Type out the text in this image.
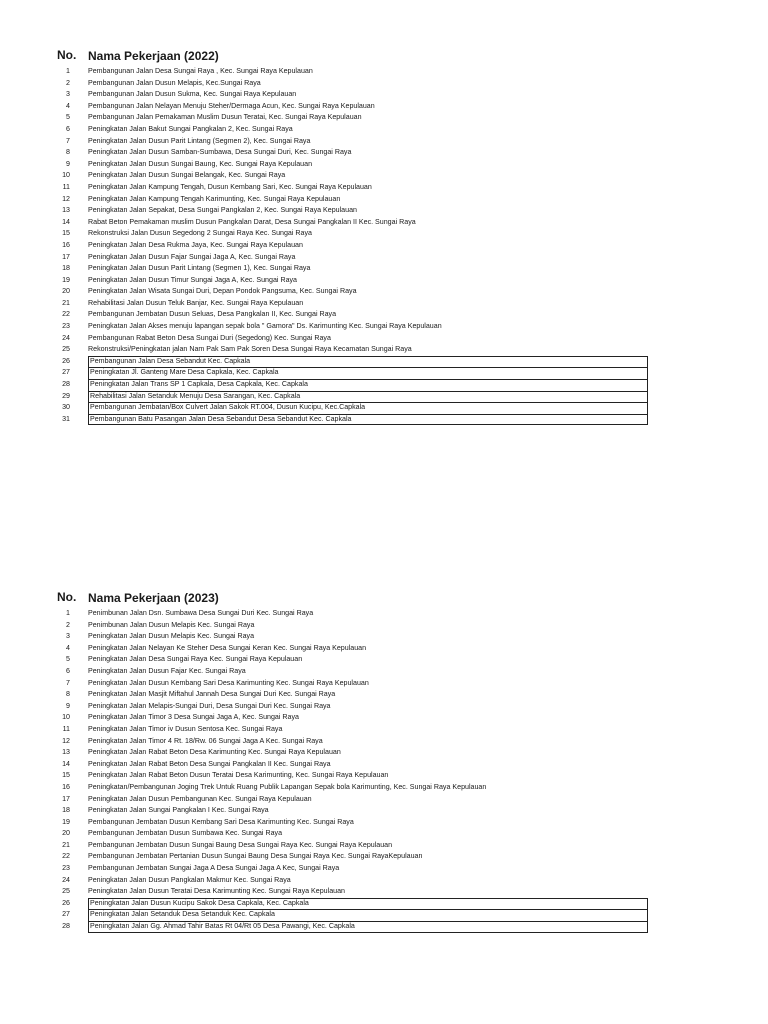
No. Nama Pekerjaan (2022)
1	Pembangunan Jalan Desa Sungai Raya , Kec. Sungai Raya Kepulauan
2	Pembangunan Jalan Dusun Melapis, Kec.Sungai Raya
3	Pembangunan Jalan Dusun Sukma, Kec. Sungai Raya Kepulauan
4	Pembangunan Jalan Nelayan Menuju Steher/Dermaga Acun, Kec. Sungai Raya Kepulauan
5	Pembangunan Jalan Pemakaman Muslim Dusun Teratai, Kec. Sungai Raya Kepulauan
6	Peningkatan Jalan Bakut Sungai Pangkalan 2, Kec. Sungai Raya
7	Peningkatan Jalan Dusun Parit Lintang (Segmen 2), Kec. Sungai Raya
8	Peningkatan Jalan Dusun Samban-Sumbawa, Desa Sungai Duri, Kec. Sungai Raya
9	Peningkatan Jalan Dusun Sungai Baung, Kec. Sungai Raya Kepulauan
10	Peningkatan Jalan Dusun Sungai Belangak, Kec. Sungai Raya
11	Peningkatan Jalan Kampung Tengah, Dusun Kembang Sari, Kec. Sungai Raya Kepulauan
12	Peningkatan Jalan Kampung Tengah Karimunting, Kec. Sungai Raya Kepulauan
13	Peningkatan Jalan Sepakat, Desa Sungai Pangkalan 2, Kec. Sungai Raya Kepulauan
14	Rabat Beton Pemakaman muslim Dusun Pangkalan Darat, Desa Sungai Pangkalan II Kec. Sungai Raya
15	Rekonstruksi Jalan Dusun Segedong 2 Sungai Raya Kec. Sungai Raya
16	Peningkatan Jalan Desa Rukma Jaya, Kec. Sungai Raya Kepulauan
17	Peningkatan Jalan Dusun Fajar Sungai Jaga A, Kec. Sungai Raya
18	Peningkatan Jalan Dusun Parit Lintang (Segmen 1), Kec. Sungai Raya
19	Peningkatan Jalan Dusun Timur Sungai Jaga A, Kec. Sungai Raya
20	Peningkatan Jalan Wisata Sungai Duri, Depan Pondok Pangsuma, Kec. Sungai Raya
21	Rehabilitasi Jalan Dusun Teluk Banjar, Kec. Sungai Raya Kepulauan
22	Pembangunan Jembatan Dusun Seluas, Desa Pangkalan II, Kec. Sungai Raya
23	Peningkatan Jalan Akses menuju lapangan sepak bola " Gamora" Ds. Karimunting Kec. Sungai Raya Kepulauan
24	Pembangunan Rabat Beton Desa Sungai Duri (Segedong) Kec. Sungai Raya
25	Rekonstruksi/Peningkatan jalan Nam Pak Sam Pak Soren Desa Sungai Raya Kecamatan Sungai Raya
26	Pembangunan Jalan Desa Sebandut Kec. Capkala
27	Peningkatan Jl. Ganteng Mare Desa Capkala, Kec. Capkala
28	Peningkatan Jalan Trans SP 1 Capkala, Desa Capkala, Kec. Capkala
29	Rehabilitasi Jalan Setanduk Menuju Desa Sarangan, Kec. Capkala
30	Pembangunan Jembatan/Box Culvert Jalan Sakok RT.004, Dusun Kucipu, Kec.Capkala
31	Pembangunan Batu Pasangan Jalan Desa Sebandut Desa Sebandut Kec. Capkala
No. Nama Pekerjaan (2023)
1	Penimbunan Jalan Dsn. Sumbawa Desa Sungai Duri Kec. Sungai Raya
2	Penimbunan Jalan Dusun Melapis Kec. Sungai Raya
3	Peningkatan Jalan Dusun Melapis Kec. Sungai Raya
4	Peningkatan Jalan Nelayan Ke Steher Desa Sungai Keran Kec. Sungai Raya Kepulauan
5	Peningkatan Jalan Desa Sungai Raya Kec. Sungai Raya Kepulauan
6	Peningkatan Jalan Dusun Fajar Kec. Sungai Raya
7	Peningkatan Jalan Dusun Kembang Sari Desa Karimunting Kec. Sungai Raya Kepulauan
8	Peningkatan Jalan Masjit Miftahul Jannah Desa Sungai Duri Kec. Sungai Raya
9	Peningkatan Jalan Melapis-Sungai Duri, Desa Sungai Duri Kec. Sungai Raya
10	Peningkatan Jalan Timor 3 Desa Sungai Jaga A, Kec. Sungai Raya
11	Peningkatan Jalan Timor iv Dusun Sentosa Kec. Sungai Raya
12	Peningkatan Jalan Timor 4 Rt. 18/Rw. 06 Sungai Jaga A Kec. Sungai Raya
13	Peningkatan Jalan Rabat Beton Desa Karimunting Kec. Sungai Raya Kepulauan
14	Peningkatan Jalan Rabat Beton Desa Sungai Pangkalan II Kec. Sungai Raya
15	Peningkatan Jalan Rabat Beton Dusun Teratai Desa Karimunting, Kec. Sungai Raya Kepulauan
16	Peningkatan/Pembangunan Joging Trek Untuk Ruang Publik Lapangan Sepak bola Karimunting, Kec. Sungai Raya Kepulauan
17	Peningkatan Jalan Dusun Pembangunan Kec. Sungai Raya Kepulauan
18	Peningkatan Jalan Sungai Pangkalan I Kec. Sungai Raya
19	Pembangunan Jembatan Dusun Kembang Sari Desa Karimunting Kec. Sungai Raya
20	Pembangunan Jembatan Dusun Sumbawa Kec. Sungai Raya
21	Pembangunan Jembatan Dusun Sungai Baung Desa Sungai Raya Kec. Sungai Raya Kepulauan
22	Pembangunan Jembatan Pertanian Dusun Sungai Baung Desa Sungai Raya Kec. Sungai RayaKepulauan
23	Pembangunan Jembatan Sungai Jaga A Desa Sungai Jaga A Kec, Sungai Raya
24	Peningkatan Jalan Dusun Pangkalan Makmur Kec. Sungai Raya
25	Peningkatan Jalan Dusun Teratai Desa Karimunting Kec. Sungai Raya Kepulauan
26	Peningkatan Jalan Dusun Kucipu Sakok Desa Capkala, Kec. Capkala
27	Peningkatan Jalan Setanduk Desa Setanduk Kec. Capkala
28	Peningkatan Jalan Gg. Ahmad Tahir Batas Rt 04/Rt 05 Desa Pawangi, Kec. Capkala
